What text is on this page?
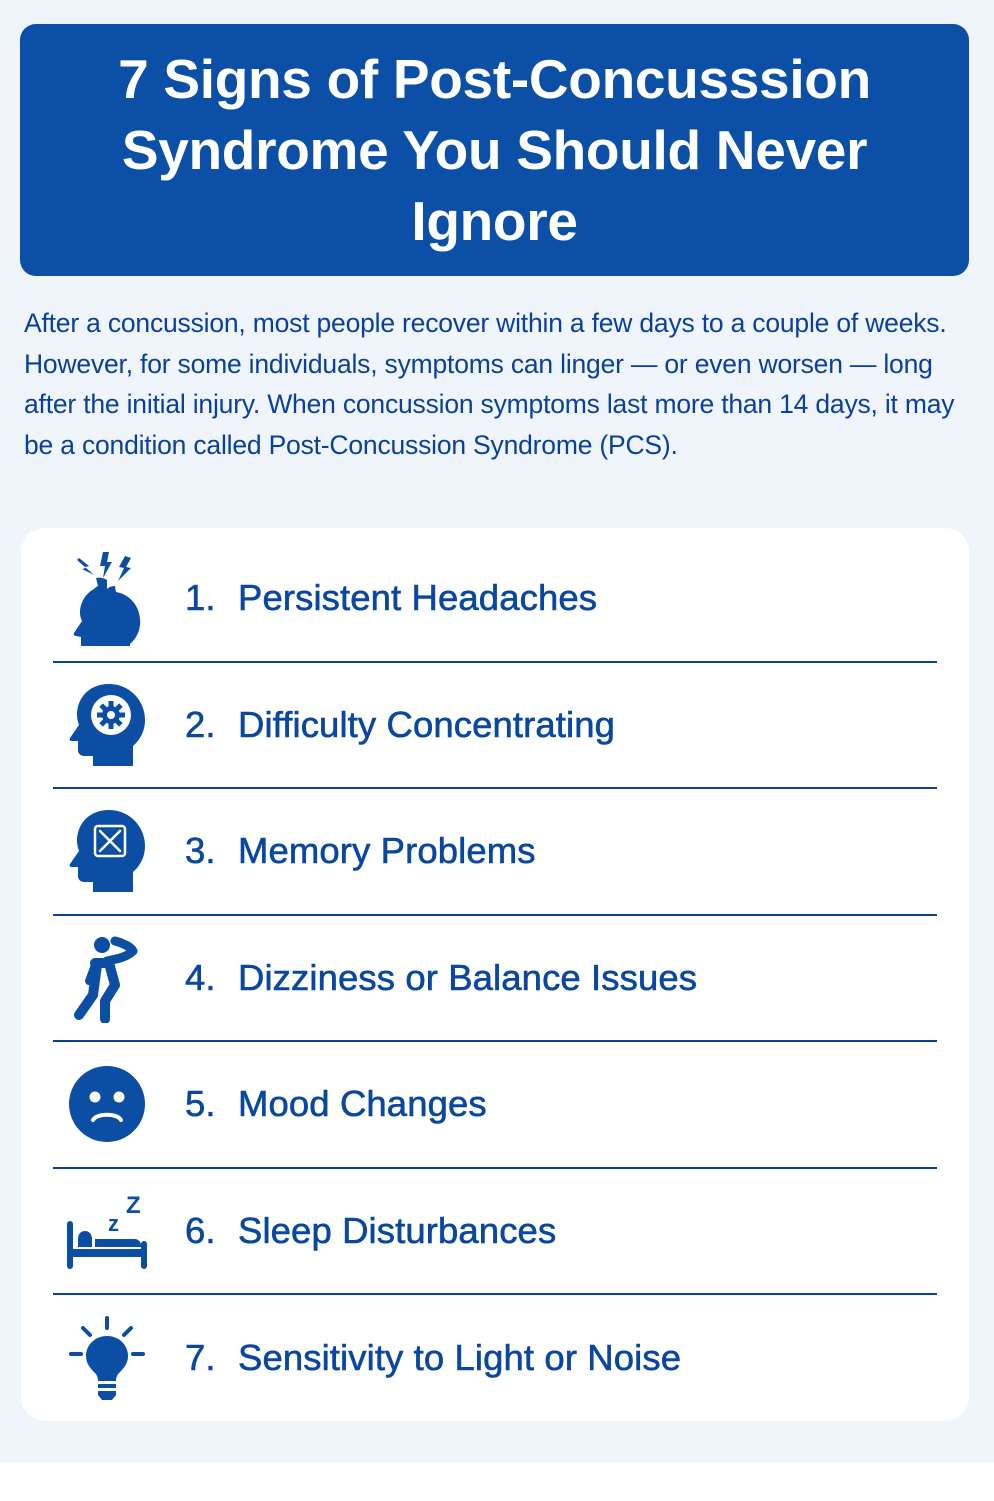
7 Signs of Post-Concusssion Syndrome You Should Never Ignore

After a concussion, most people recover within a few days to a couple of weeks. However, for some individuals, symptoms can linger — or even worsen — long after the initial injury. When concussion symptoms last more than 14 days, it may be a condition called Post-Concussion Syndrome (PCS).

1. Persistent Headaches
2. Difficulty Concentrating
3. Memory Problems
4. Dizziness or Balance Issues
5. Mood Changes
z
Z
6. Sleep Disturbances
7. Sensitivity to Light or Noise
